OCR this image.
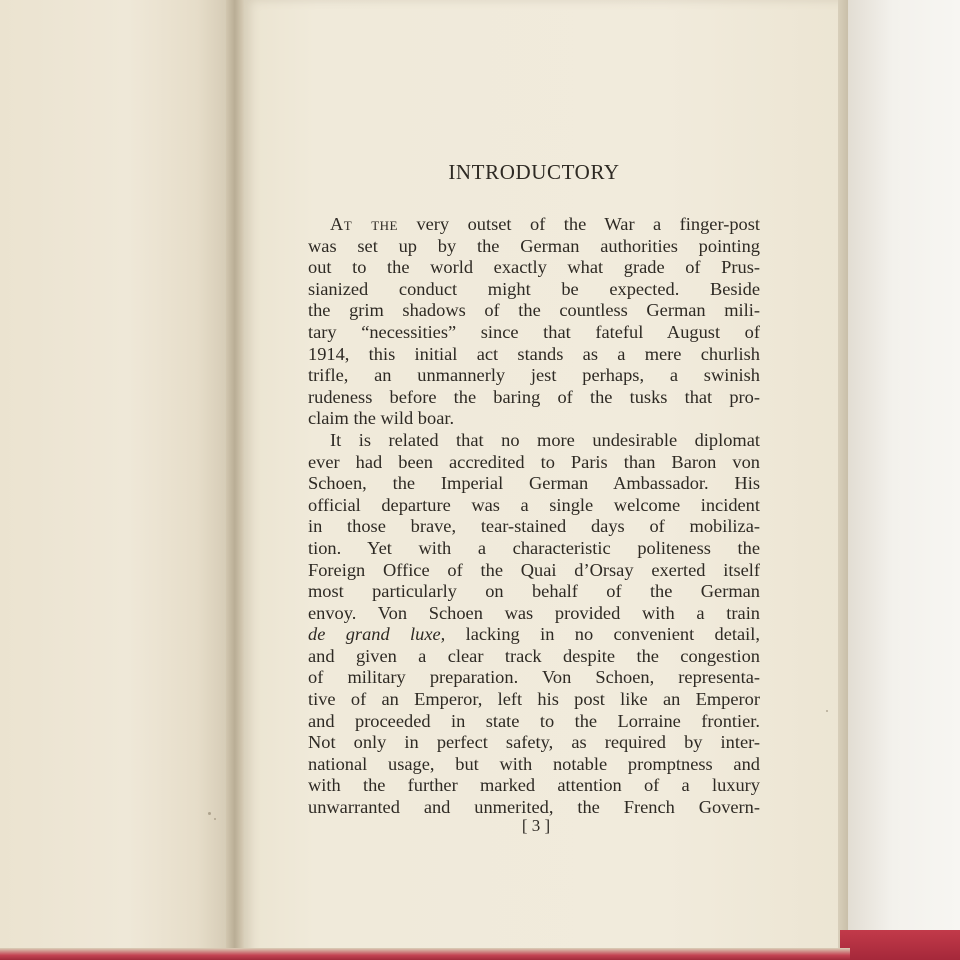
INTRODUCTORY
At the very outset of the War a finger-post
was set up by the German authorities pointing
out to the world exactly what grade of Prus-
sianized conduct might be expected. Beside
the grim shadows of the countless German mili-
tary “necessities” since that fateful August of
1914, this initial act stands as a mere churlish
trifle, an unmannerly jest perhaps, a swinish
rudeness before the baring of the tusks that pro-
claim the wild boar.
It is related that no more undesirable diplomat
ever had been accredited to Paris than Baron von
Schoen, the Imperial German Ambassador. His
official departure was a single welcome incident
in those brave, tear-stained days of mobiliza-
tion. Yet with a characteristic politeness the
Foreign Office of the Quai d’Orsay exerted itself
most particularly on behalf of the German
envoy. Von Schoen was provided with a train
de grand luxe, lacking in no convenient detail,
and given a clear track despite the congestion
of military preparation. Von Schoen, representa-
tive of an Emperor, left his post like an Emperor
and proceeded in state to the Lorraine frontier.
Not only in perfect safety, as required by inter-
national usage, but with notable promptness and
with the further marked attention of a luxury
unwarranted and unmerited, the French Govern-
[ 3 ]
